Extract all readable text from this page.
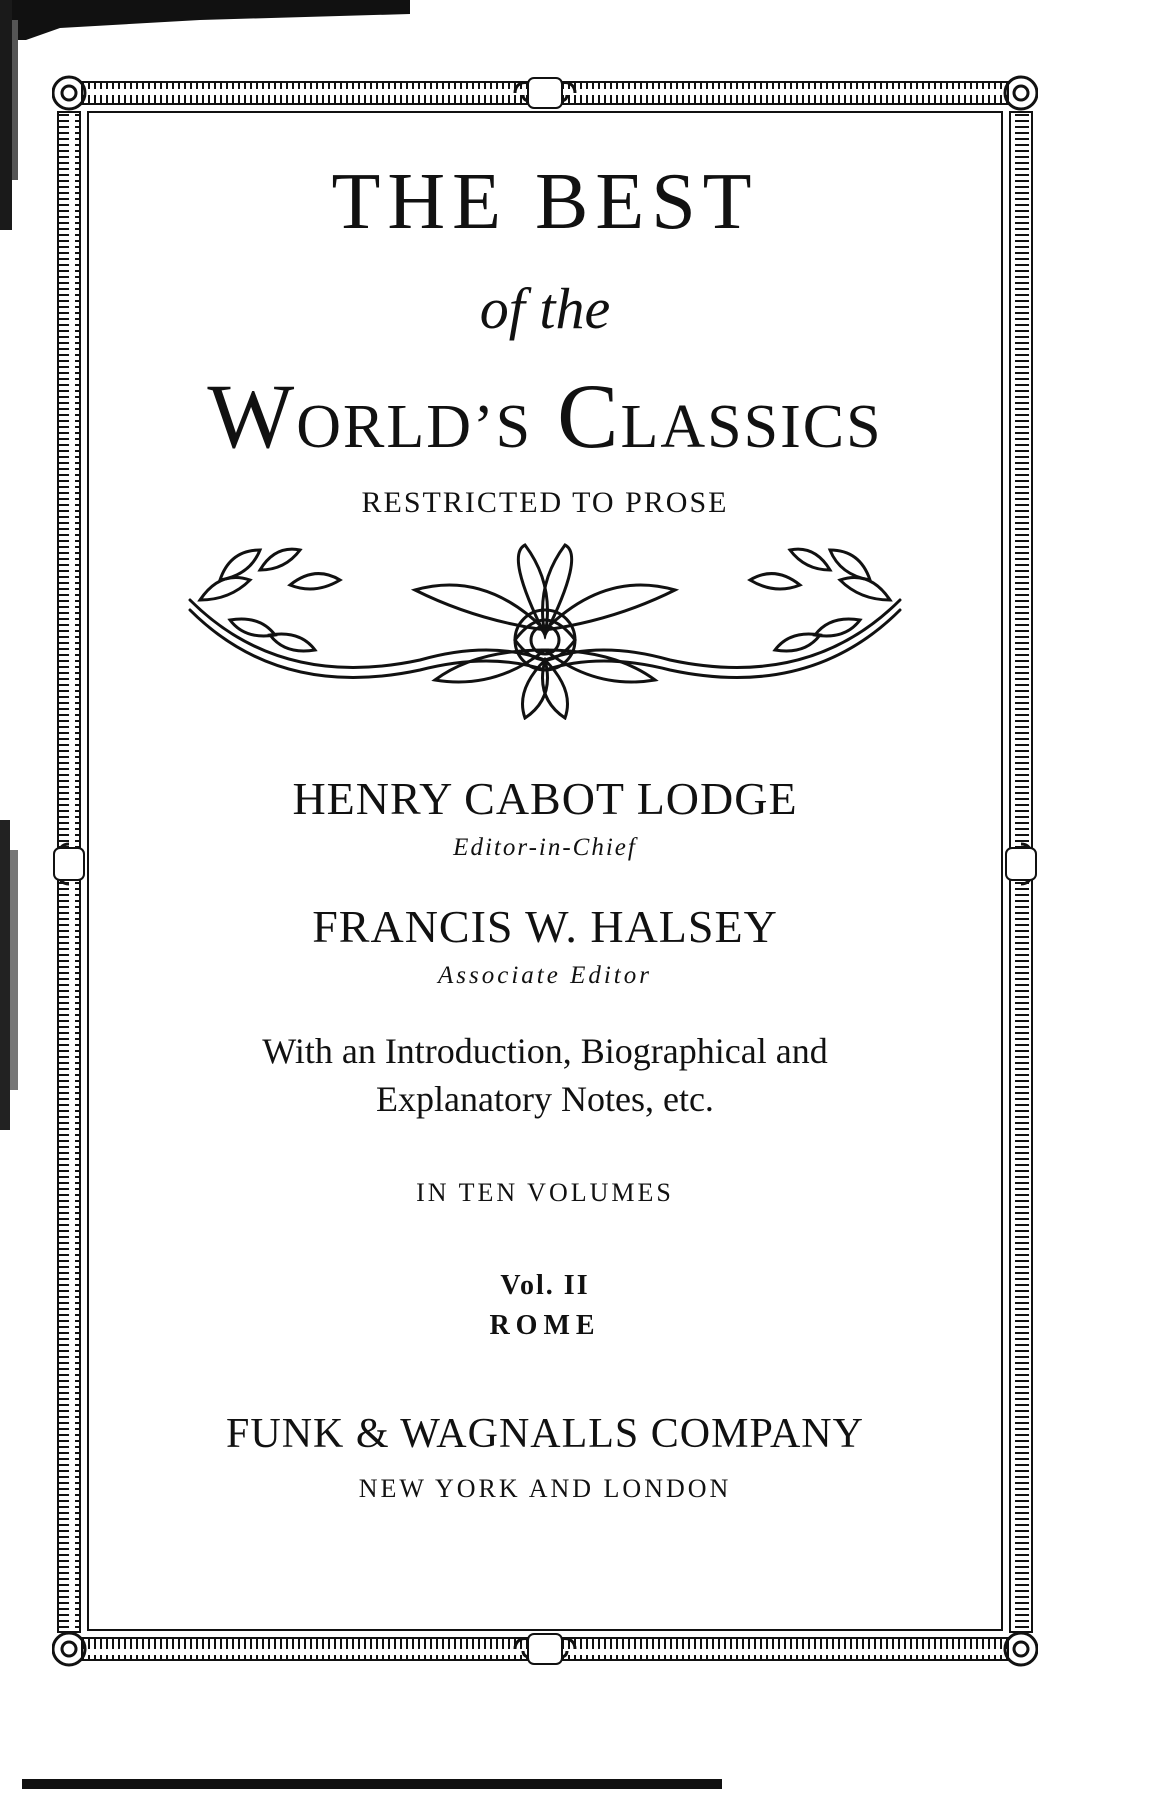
THE BEST
of the
WORLD’S CLASSICS
RESTRICTED TO PROSE
HENRY CABOT LODGE
Editor-in-Chief
FRANCIS W. HALSEY
Associate Editor
With an Introduction, Biographical and
Explanatory Notes, etc.
IN TEN VOLUMES
Vol. II
ROME
FUNK & WAGNALLS COMPANY
NEW YORK AND LONDON
